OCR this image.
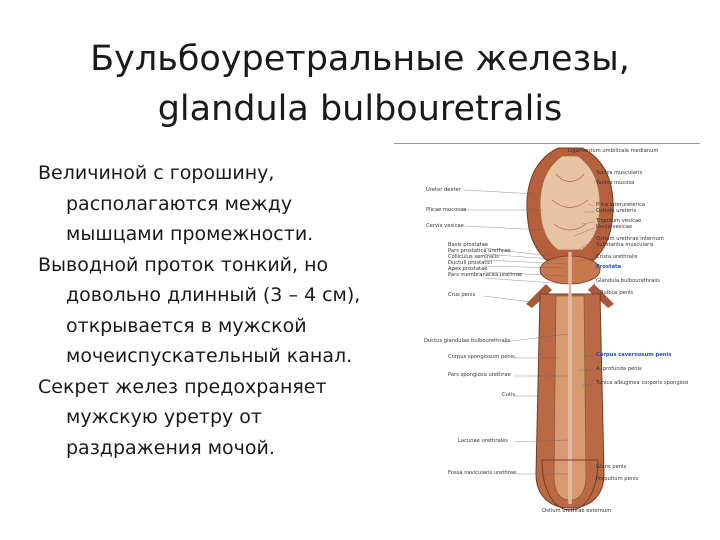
Бульбоуретральные железы,
glandula bulbouretralis
Величиной с горошину,
располагаются между
мышцами промежности.
Выводной проток тонкий, но
довольно длинный (3 – 4 см),
открывается в мужской
мочеиспускательный канал.
Секрет желез предохраняет
мужскую уретру от
раздражения мочой.
Ureter dexter
Plicae mucosae
Cervix vesicae
Basis prostatae
Pars prostatica urethrae
Colliculus seminalis
Ductuli prostatici
Apex prostatae
Pars membranacea urethrae
Crus penis
Ductus glandulae bulbourethralis
Corpus spongiosum penis
Pars spongiosa urethrae
Cutis
Lacunae urethrales
Fossa navicularis urethrae
Ligamentum umbilicale medianum
Tunica muscularis
Tunica mucosa
Plica interureterica
Ostium ureteris
Trigonum vesicae
Uvula vesicae
Ostium urethrae internum
Substantia muscularis
Crista urethralis
Prostata
Glandula bulbourethralis
Bulbus penis
Corpus cavernosum penis
A. profunda penis
Tunica albuginea corporis spongiosi
Glans penis
Preputium penis
Ostium urethrae externum
